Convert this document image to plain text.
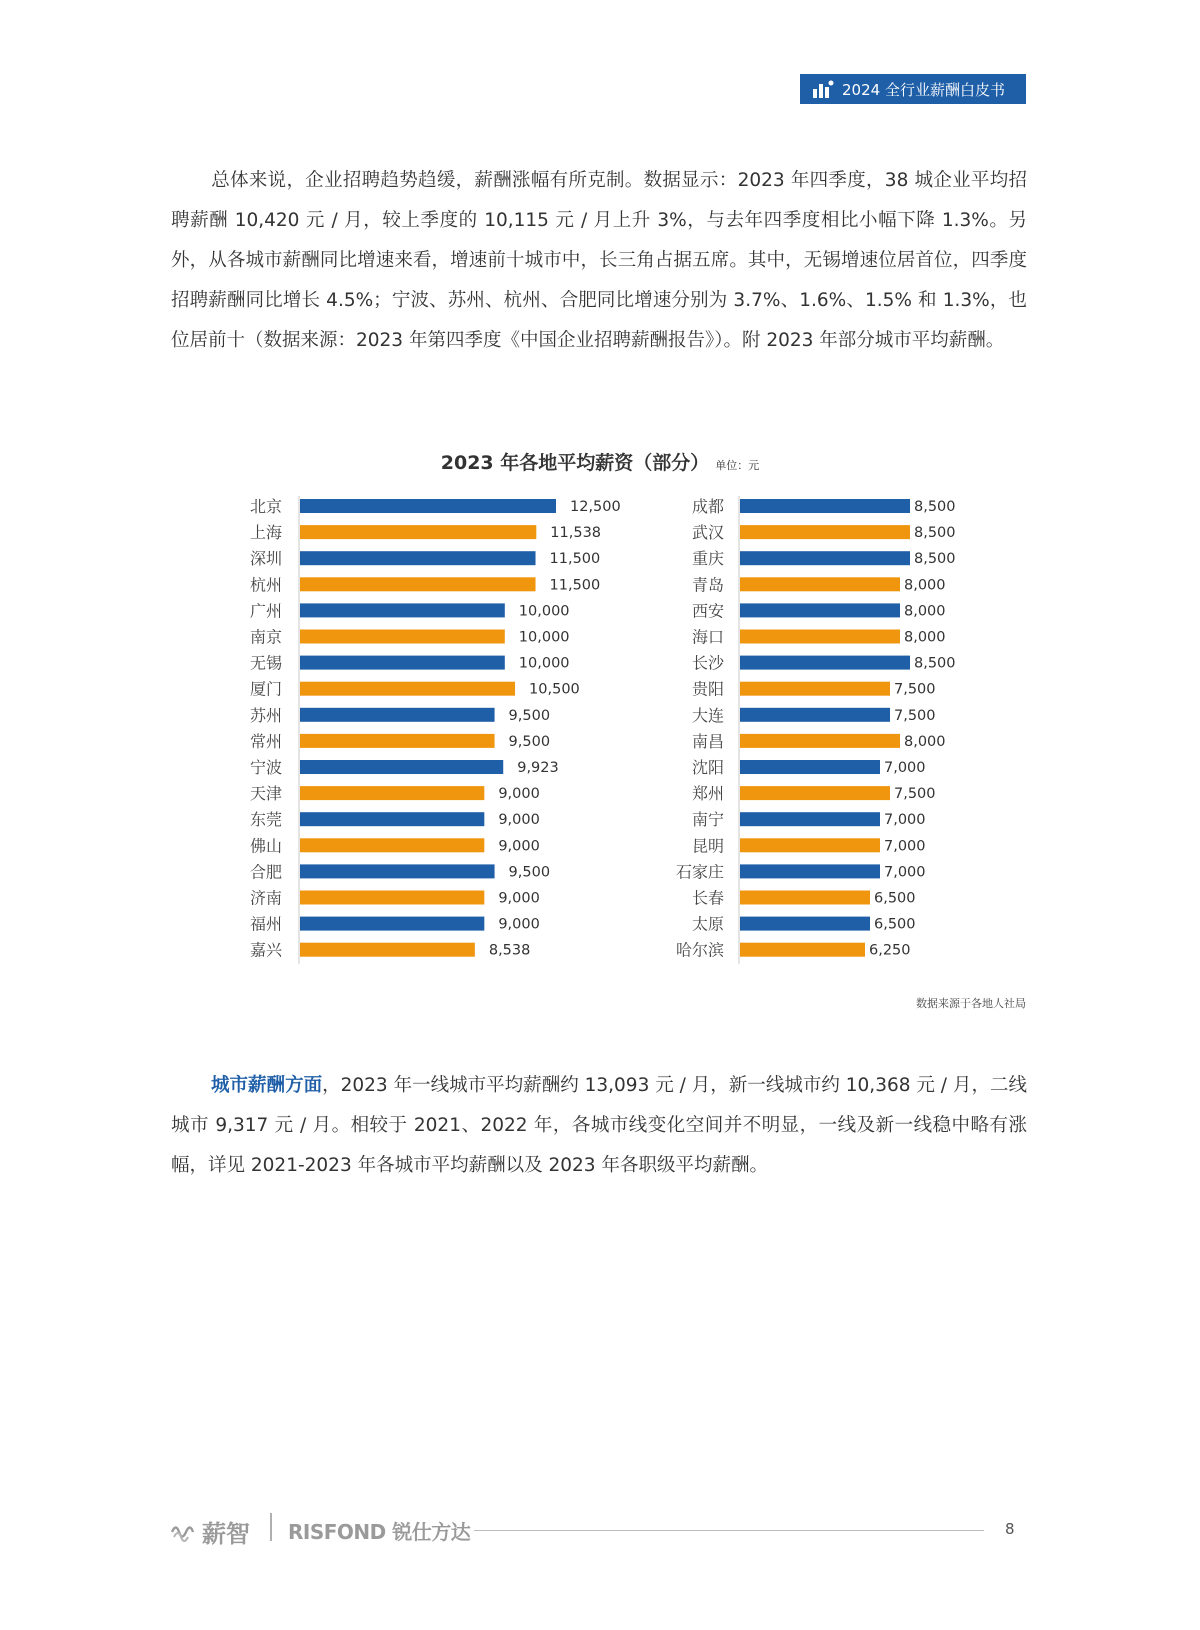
2024 全行业薪酬白皮书
总体来说，企业招聘趋势趋缓，薪酬涨幅有所克制。数据显示：2023 年四季度，38 城企业平均招聘薪酬 10,420 元 / 月，较上季度的 10,115 元 / 月上升 3%，与去年四季度相比小幅下降 1.3%。另外，从各城市薪酬同比增速来看，增速前十城市中，长三角占据五席。其中，无锡增速位居首位，四季度招聘薪酬同比增长 4.5%；宁波、苏州、杭州、合肥同比增速分别为 3.7%、1.6%、1.5% 和 1.3%，也位居前十（数据来源：2023 年第四季度《中国企业招聘薪酬报告》）。附 2023 年部分城市平均薪酬。
2023 年各地平均薪资（部分） 单位：元
北京	12,500
上海	11,538
深圳	11,500
杭州	11,500
广州	10,000
南京	10,000
无锡	10,000
厦门	10,500
苏州	9,500
常州	9,500
宁波	9,923
天津	9,000
东莞	9,000
佛山	9,000
合肥	9,500
济南	9,000
福州	9,000
嘉兴	8,538
成都	8,500
武汉	8,500
重庆	8,500
青岛	8,000
西安	8,000
海口	8,000
长沙	8,500
贵阳	7,500
大连	7,500
南昌	8,000
沈阳	7,000
郑州	7,500
南宁	7,000
昆明	7,000
石家庄	7,000
长春	6,500
太原	6,500
哈尔滨	6,250
数据来源于各地人社局
城市薪酬方面，2023 年一线城市平均薪酬约 13,093 元 / 月，新一线城市约 10,368 元 / 月，二线城市 9,317 元 / 月。相较于 2021、2022 年，各城市线变化空间并不明显，一线及新一线稳中略有涨幅，详见 2021-2023 年各城市平均薪酬以及 2023 年各职级平均薪酬。
薪智 RISFOND 锐仕方达	8
